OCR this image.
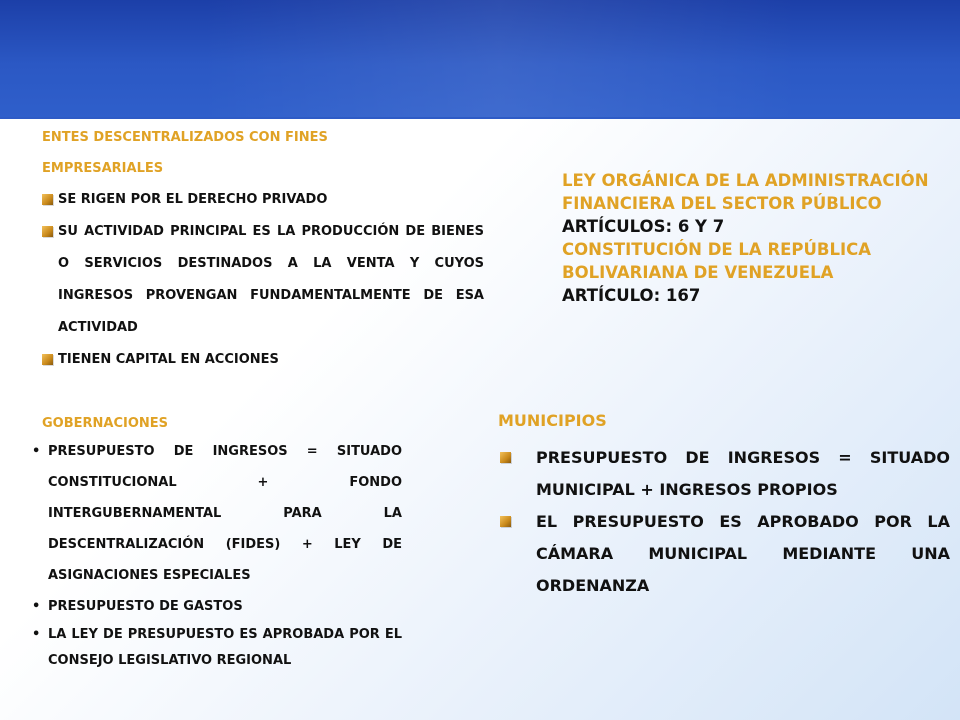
ENTES DESCENTRALIZADOS CON FINES
EMPRESARIALES
SE RIGEN POR EL DERECHO PRIVADO
SU ACTIVIDAD PRINCIPAL ES LA PRODUCCIÓN DE BIENES O SERVICIOS DESTINADOS A LA VENTA Y CUYOS INGRESOS PROVENGAN FUNDAMENTALMENTE DE ESA ACTIVIDAD
TIENEN CAPITAL EN ACCIONES
LEY ORGÁNICA DE LA ADMINISTRACIÓN
FINANCIERA DEL SECTOR PÚBLICO
ARTÍCULOS: 6 Y 7
CONSTITUCIÓN DE LA REPÚBLICA
BOLIVARIANA DE VENEZUELA
ARTÍCULO: 167
GOBERNACIONES
• PRESUPUESTO DE INGRESOS = SITUADO CONSTITUCIONAL + FONDO INTERGUBERNAMENTAL PARA LA DESCENTRALIZACIÓN (FIDES) + LEY DE ASIGNACIONES ESPECIALES
• PRESUPUESTO DE GASTOS
• LA LEY DE PRESUPUESTO ES APROBADA POR EL CONSEJO LEGISLATIVO REGIONAL
MUNICIPIOS
PRESUPUESTO DE INGRESOS = SITUADO MUNICIPAL + INGRESOS PROPIOS
EL PRESUPUESTO ES APROBADO POR LA CÁMARA MUNICIPAL MEDIANTE UNA ORDENANZA
